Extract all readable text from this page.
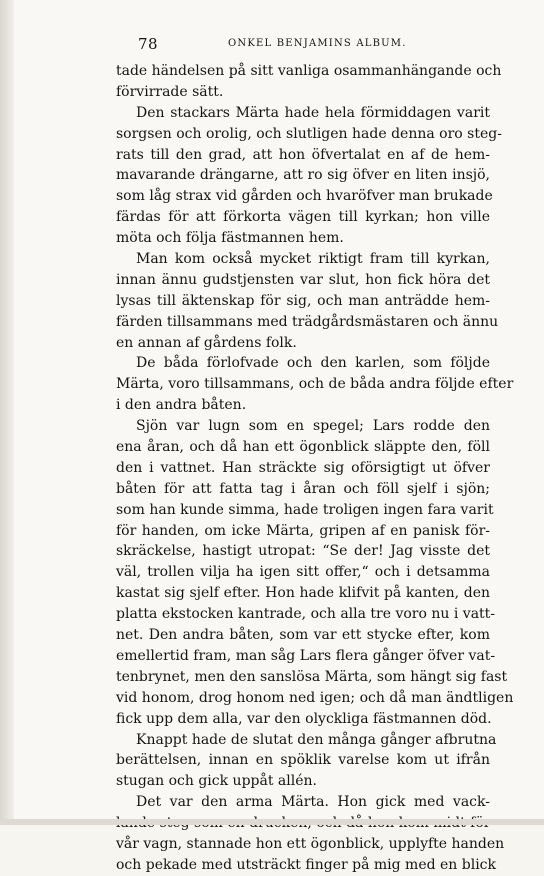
78	ONKEL BENJAMINS ALBUM.
tade händelsen på sitt vanliga osammanhängande och
förvirrade sätt.
Den stackars Märta hade hela förmiddagen varit
sorgsen och orolig, och slutligen hade denna oro steg-
rats till den grad, att hon öfvertalat en af de hem-
mavarande drängarne, att ro sig öfver en liten insjö,
som låg strax vid gården och hvaröfver man brukade
färdas för att förkorta vägen till kyrkan; hon ville
möta och följa fästmannen hem.
Man kom också mycket riktigt fram till kyrkan,
innan ännu gudstjensten var slut, hon fick höra det
lysas till äktenskap för sig, och man anträdde hem-
färden tillsammans med trädgårdsmästaren och ännu
en annan af gårdens folk.
De båda förlofvade och den karlen, som följde
Märta, voro tillsammans, och de båda andra följde efter
i den andra båten.
Sjön var lugn som en spegel; Lars rodde den
ena åran, och då han ett ögonblick släppte den, föll
den i vattnet. Han sträckte sig oförsigtigt ut öfver
båten för att fatta tag i åran och föll sjelf i sjön;
som han kunde simma, hade troligen ingen fara varit
för handen, om icke Märta, gripen af en panisk för-
skräckelse, hastigt utropat: “Se der! Jag visste det
väl, trollen vilja ha igen sitt offer,“ och i detsamma
kastat sig sjelf efter. Hon hade klifvit på kanten, den
platta ekstocken kantrade, och alla tre voro nu i vatt-
net. Den andra båten, som var ett stycke efter, kom
emellertid fram, man såg Lars flera gånger öfver vat-
tenbrynet, men den sanslösa Märta, som hängt sig fast
vid honom, drog honom ned igen; och då man ändtligen
fick upp dem alla, var den olyckliga fästmannen död.
Knappt hade de slutat den många gånger afbrutna
berättelsen, innan en spöklik varelse kom ut ifrån
stugan och gick uppåt allén.
Det var den arma Märta. Hon gick med vack-
vår vagn, stannade hon ett ögonblick, upplyfte handen
och pekade med utsträckt finger på mig med en blick
